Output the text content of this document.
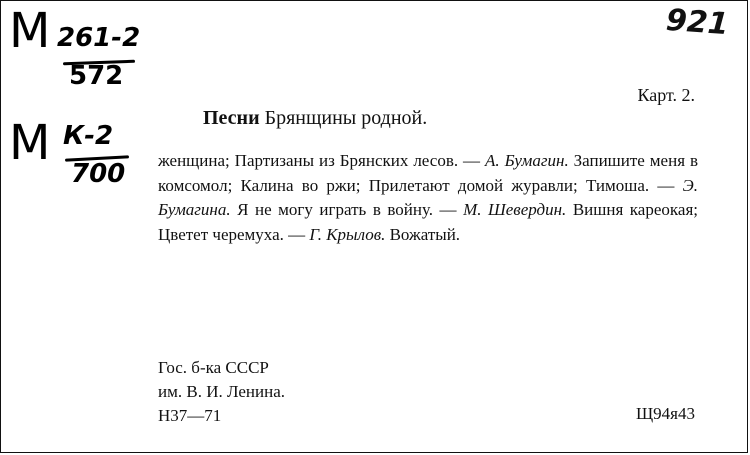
М 261-2
572
М К-2
700
921
Карт. 2.
Песни Брянщины родной.
женщина; Партизаны из Брянских лесов. — А. Бумагин. Запишите меня в комсомол; Калина во ржи; Прилетают домой журавли; Тимоша. — Э. Бумагина. Я не могу играть в войну. — М. Шевердин. Вишня кареокая; Цветет черемуха. — Г. Крылов. Вожатый.
Гос. б-ка СССР
им. В. И. Ленина.
Н37—71	Щ94я43
